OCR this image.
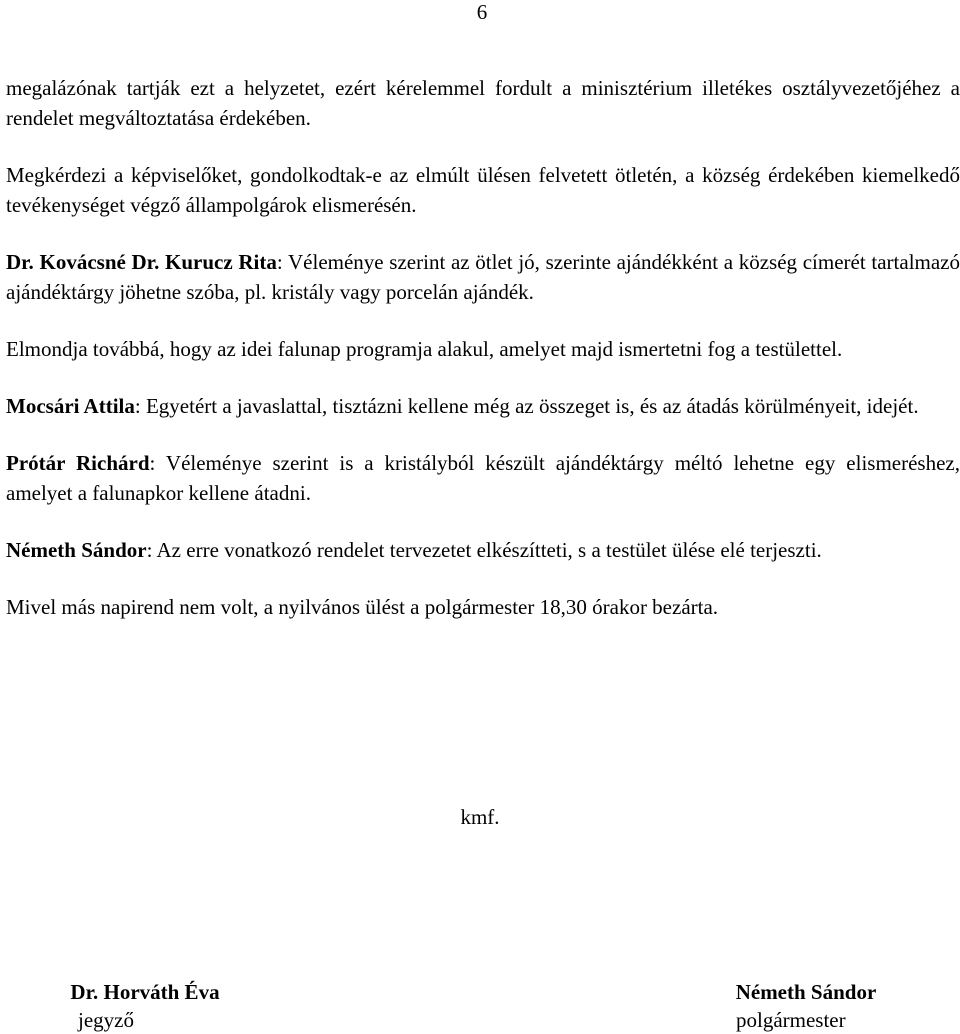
6

megalázónak tartják ezt a helyzetet, ezért kérelemmel fordult a minisztérium illetékes osztályvezetőjéhez a rendelet megváltoztatása érdekében.

Megkérdezi a képviselőket, gondolkodtak-e az elmúlt ülésen felvetett ötletén, a község érdekében kiemelkedő tevékenységet végző állampolgárok elismerésén.

Dr. Kovácsné Dr. Kurucz Rita: Véleménye szerint az ötlet jó, szerinte ajándékként a község címerét tartalmazó ajándéktárgy jöhetne szóba, pl. kristály vagy porcelán ajándék.

Elmondja továbbá, hogy az idei falunap programja alakul, amelyet majd ismertetni fog a testülettel.

Mocsári Attila: Egyetért a javaslattal, tisztázni kellene még az összeget is, és az átadás körülményeit, idejét.

Prótár Richárd: Véleménye szerint is a kristályból készült ajándéktárgy méltó lehetne egy elismeréshez, amelyet a falunapkor kellene átadni.

Németh Sándor: Az erre vonatkozó rendelet tervezetet elkészítteti, s a testület ülése elé terjeszti.

Mivel más napirend nem volt, a nyilvános ülést a polgármester 18,30 órakor bezárta.

kmf.
Dr. Horváth Éva
jegyző
Németh Sándor
polgármester
